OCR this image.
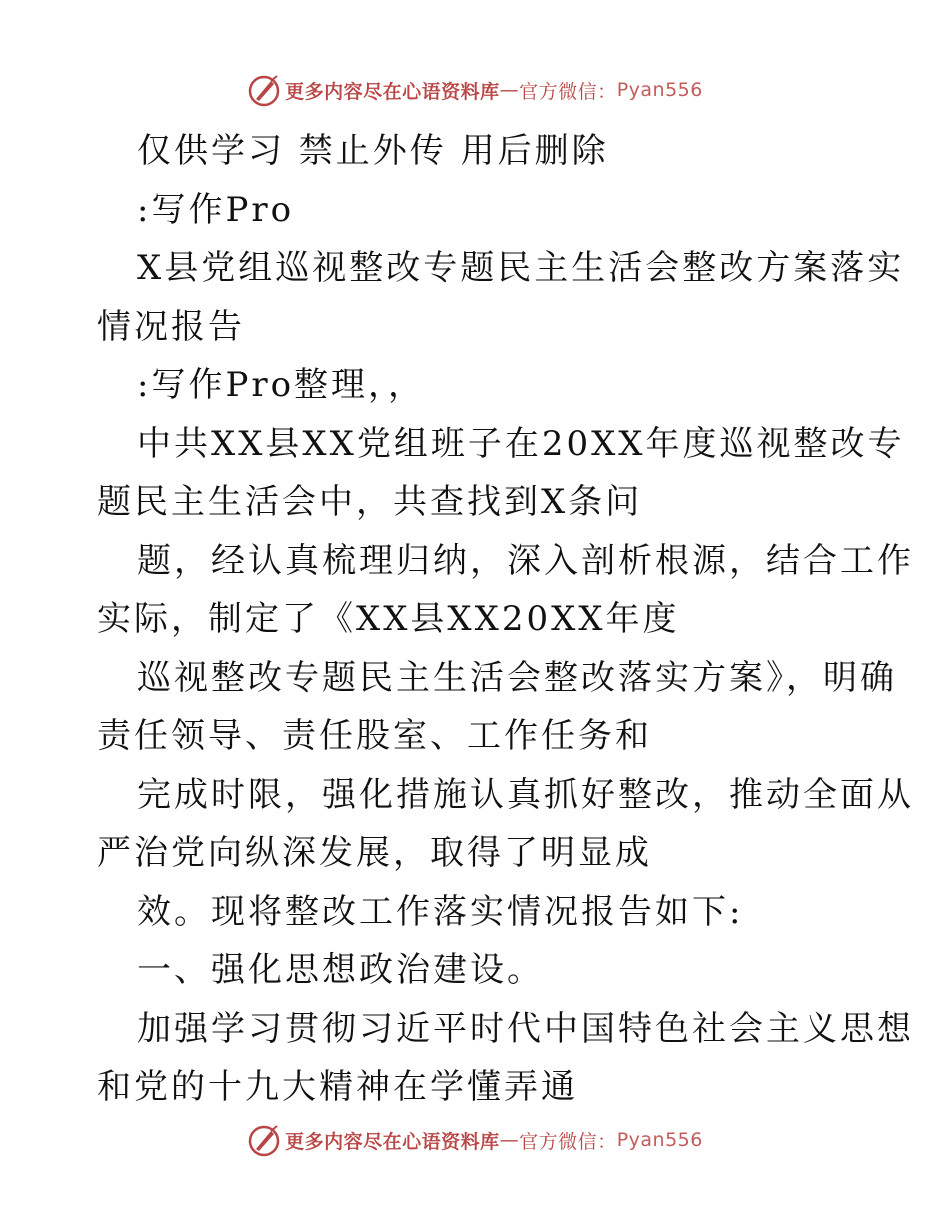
更多内容尽在心语资料库 — 官方微信： Pyan556

仅供学习 禁止外传 用后删除

:写作Pro

X县党组巡视整改专题民主生活会整改方案落实

情况报告

:写作Pro整理，，

中共XX县XX党组班子在20XX年度巡视整改专

题民主生活会中，共查找到X条问

题，经认真梳理归纳，深入剖析根源，结合工作

实际，制定了《XX县XX20XX年度

巡视整改专题民主生活会整改落实方案》，明确

责任领导、责任股室、工作任务和

完成时限，强化措施认真抓好整改，推动全面从

严治党向纵深发展，取得了明显成

效。现将整改工作落实情况报告如下:

一、强化思想政治建设。

加强学习贯彻习近平时代中国特色社会主义思想

和党的十九大精神在学懂弄通

更多内容尽在心语资料库 — 官方微信： Pyan556
